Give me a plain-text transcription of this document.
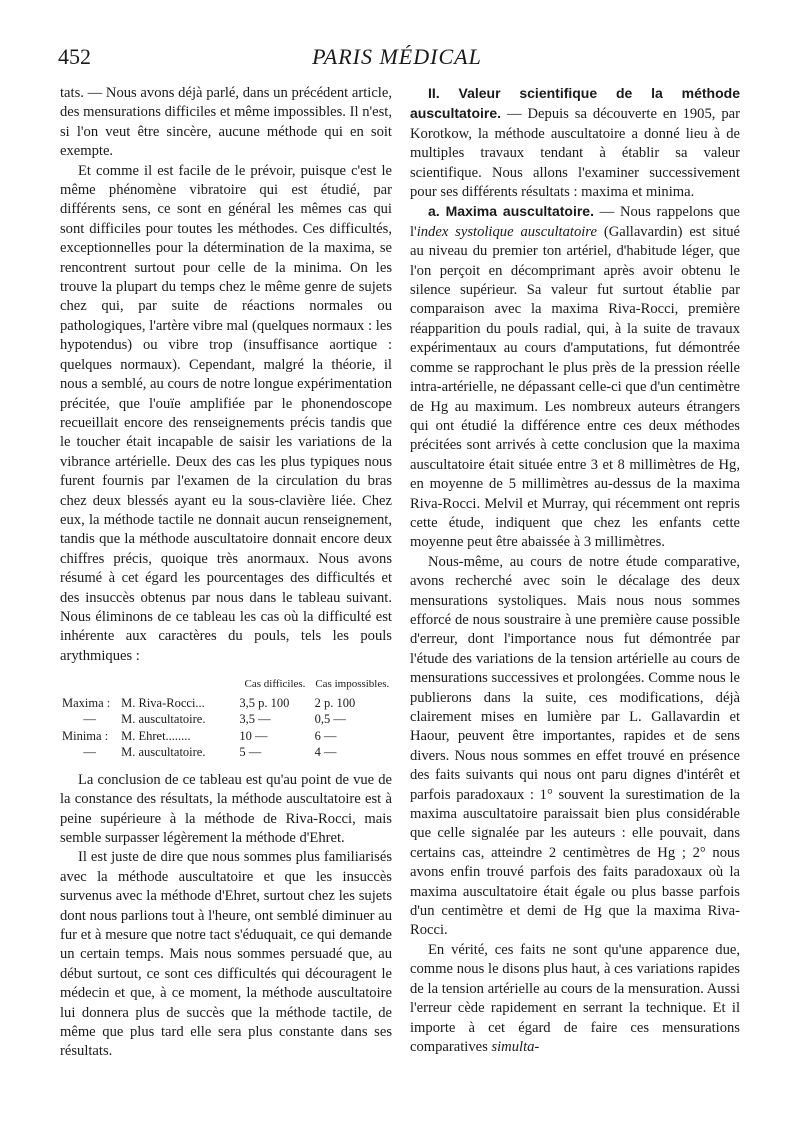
452	PARIS MÉDICAL

tats. — Nous avons déjà parlé, dans un précédent article, des mensurations difficiles et même impossibles. Il n'est, si l'on veut être sincère, aucune méthode qui en soit exempte.

Et comme il est facile de le prévoir, puisque c'est le même phénomène vibratoire qui est étudié, par différents sens, ce sont en général les mêmes cas qui sont difficiles pour toutes les méthodes. Ces difficultés, exceptionnelles pour la détermination de la maxima, se rencontrent surtout pour celle de la minima. On les trouve la plupart du temps chez le même genre de sujets chez qui, par suite de réactions normales ou pathologiques, l'artère vibre mal (quelques normaux : les hypotendus) ou vibre trop (insuffisance aortique : quelques normaux). Cependant, malgré la théorie, il nous a semblé, au cours de notre longue expérimentation précitée, que l'ouïe amplifiée par le phonendoscope recueillait encore des renseignements précis tandis que le toucher était incapable de saisir les variations de la vibrance artérielle. Deux des cas les plus typiques nous furent fournis par l'examen de la circulation du bras chez deux blessés ayant eu la sous-clavière liée. Chez eux, la méthode tactile ne donnait aucun renseignement, tandis que la méthode auscultatoire donnait encore deux chiffres précis, quoique très anormaux. Nous avons résumé à cet égard les pourcentages des difficultés et des insuccès obtenus par nous dans le tableau suivant. Nous éliminons de ce tableau les cas où la difficulté est inhérente aux caractères du pouls, tels les pouls arythmiques :

		Cas difficiles.	Cas impossibles.
Maxima :	M. Riva-Rocci...	3,5 p. 100	2 p. 100
—	M. auscultatoire.	3,5 —	0,5 —
Minima :	M. Ehret........	10 —	6 —
—	M. auscultatoire.	5 —	4 —

La conclusion de ce tableau est qu'au point de vue de la constance des résultats, la méthode auscultatoire est à peine supérieure à la méthode de Riva-Rocci, mais semble surpasser légèrement la méthode d'Ehret.

Il est juste de dire que nous sommes plus familiarisés avec la méthode auscultatoire et que les insuccès survenus avec la méthode d'Ehret, surtout chez les sujets dont nous parlions tout à l'heure, ont semblé diminuer au fur et à mesure que notre tact s'éduquait, ce qui demande un certain temps. Mais nous sommes persuadé que, au début surtout, ce sont ces difficultés qui découragent le médecin et que, à ce moment, la méthode auscultatoire lui donnera plus de succès que la méthode tactile, de même que plus tard elle sera plus constante dans ses résultats.

II. Valeur scientifique de la méthode auscultatoire. — Depuis sa découverte en 1905, par Korotkow, la méthode auscultatoire a donné lieu à de multiples travaux tendant à établir sa valeur scientifique. Nous allons l'examiner successivement pour ses différents résultats : maxima et minima.

a. Maxima auscultatoire. — Nous rappelons que l'index systolique auscultatoire (Gallavardin) est situé au niveau du premier ton artériel, d'habitude léger, que l'on perçoit en décomprimant après avoir obtenu le silence supérieur. Sa valeur fut surtout établie par comparaison avec la maxima Riva-Rocci, première réapparition du pouls radial, qui, à la suite de travaux expérimentaux au cours d'amputations, fut démontrée comme se rapprochant le plus près de la pression réelle intra-artérielle, ne dépassant celle-ci que d'un centimètre de Hg au maximum. Les nombreux auteurs étrangers qui ont étudié la différence entre ces deux méthodes précitées sont arrivés à cette conclusion que la maxima auscultatoire était située entre 3 et 8 millimètres de Hg, en moyenne de 5 millimètres au-dessus de la maxima Riva-Rocci. Melvil et Murray, qui récemment ont repris cette étude, indiquent que chez les enfants cette moyenne peut être abaissée à 3 millimètres.

Nous-même, au cours de notre étude comparative, avons recherché avec soin le décalage des deux mensurations systoliques. Mais nous nous sommes efforcé de nous soustraire à une première cause possible d'erreur, dont l'importance nous fut démontrée par l'étude des variations de la tension artérielle au cours de mensurations successives et prolongées. Comme nous le publierons dans la suite, ces modifications, déjà clairement mises en lumière par L. Gallavardin et Haour, peuvent être importantes, rapides et de sens divers. Nous nous sommes en effet trouvé en présence des faits suivants qui nous ont paru dignes d'intérêt et parfois paradoxaux : 1° souvent la surestimation de la maxima auscultatoire paraissait bien plus considérable que celle signalée par les auteurs : elle pouvait, dans certains cas, atteindre 2 centimètres de Hg ; 2° nous avons enfin trouvé parfois des faits paradoxaux où la maxima auscultatoire était égale ou plus basse parfois d'un centimètre et demi de Hg que la maxima Riva-Rocci.

En vérité, ces faits ne sont qu'une apparence due, comme nous le disons plus haut, à ces variations rapides de la tension artérielle au cours de la mensuration. Aussi l'erreur cède rapidement en serrant la technique. Et il importe à cet égard de faire ces mensurations comparatives simulta-
